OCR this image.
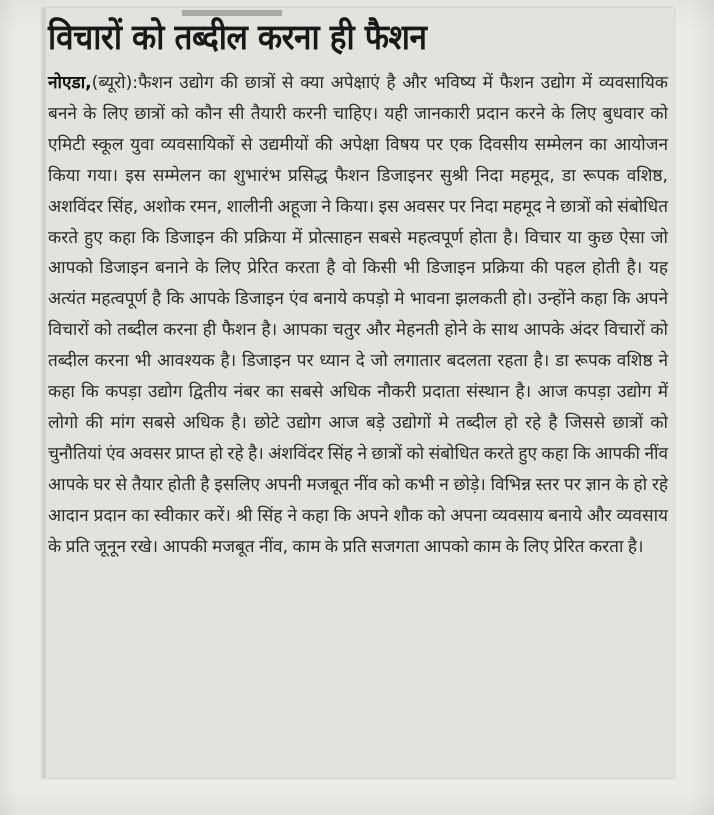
विचारों को तब्दील करना ही फैशन

नोएडा,(ब्यूरो):फैशन उद्योग की छात्रों से क्या अपेक्षाएं है और भविष्य में फैशन उद्योग में व्यवसायिक बनने के लिए छात्रों को कौन सी तैयारी करनी चाहिए। यही जानकारी प्रदान करने के लिए बुधवार को एमिटी स्कूल युवा व्यवसायिकों से उद्यमीयों की अपेक्षा विषय पर एक दिवसीय सम्मेलन का आयोजन किया गया। इस सम्मेलन का शुभारंभ प्रसिद्ध फैशन डिजाइनर सुश्री निदा महमूद, डा रूपक वशिष्ठ, अशविंदर सिंह, अशोक रमन, शालीनी अहूजा ने किया। इस अवसर पर निदा महमूद ने छात्रों को संबोधित करते हुए कहा कि डिजाइन की प्रक्रिया में प्रोत्साहन सबसे महत्वपूर्ण होता है। विचार या कुछ ऐसा जो आपको डिजाइन बनाने के लिए प्रेरित करता है वो किसी भी डिजाइन प्रक्रिया की पहल होती है। यह अत्यंत महत्वपूर्ण है कि आपके डिजाइन एंव बनाये कपड़ो मे भावना झलकती हो। उन्होंने कहा कि अपने विचारों को तब्दील करना ही फैशन है। आपका चतुर और मेहनती होने के साथ आपके अंदर विचारों को तब्दील करना भी आवश्यक है। डिजाइन पर ध्यान दे जो लगातार बदलता रहता है। डा रूपक वशिष्ठ ने कहा कि कपड़ा उद्योग द्वितीय नंबर का सबसे अधिक नौकरी प्रदाता संस्थान है। आज कपड़ा उद्योग में लोगो की मांग सबसे अधिक है। छोटे उद्योग आज बड़े उद्योगों मे तब्दील हो रहे है जिससे छात्रों को चुनौतियां एंव अवसर प्राप्त हो रहे है। अंशविंदर सिंह ने छात्रों को संबोधित करते हुए कहा कि आपकी नींव आपके घर से तैयार होती है इसलिए अपनी मजबूत नींव को कभी न छोड़े। विभिन्न स्तर पर ज्ञान के हो रहे आदान प्रदान का स्वीकार करें। श्री सिंह ने कहा कि अपने शौक को अपना व्यवसाय बनाये और व्यवसाय के प्रति जूनून रखे। आपकी मजबूत नींव, काम के प्रति सजगता आपको काम के लिए प्रेरित करता है।
